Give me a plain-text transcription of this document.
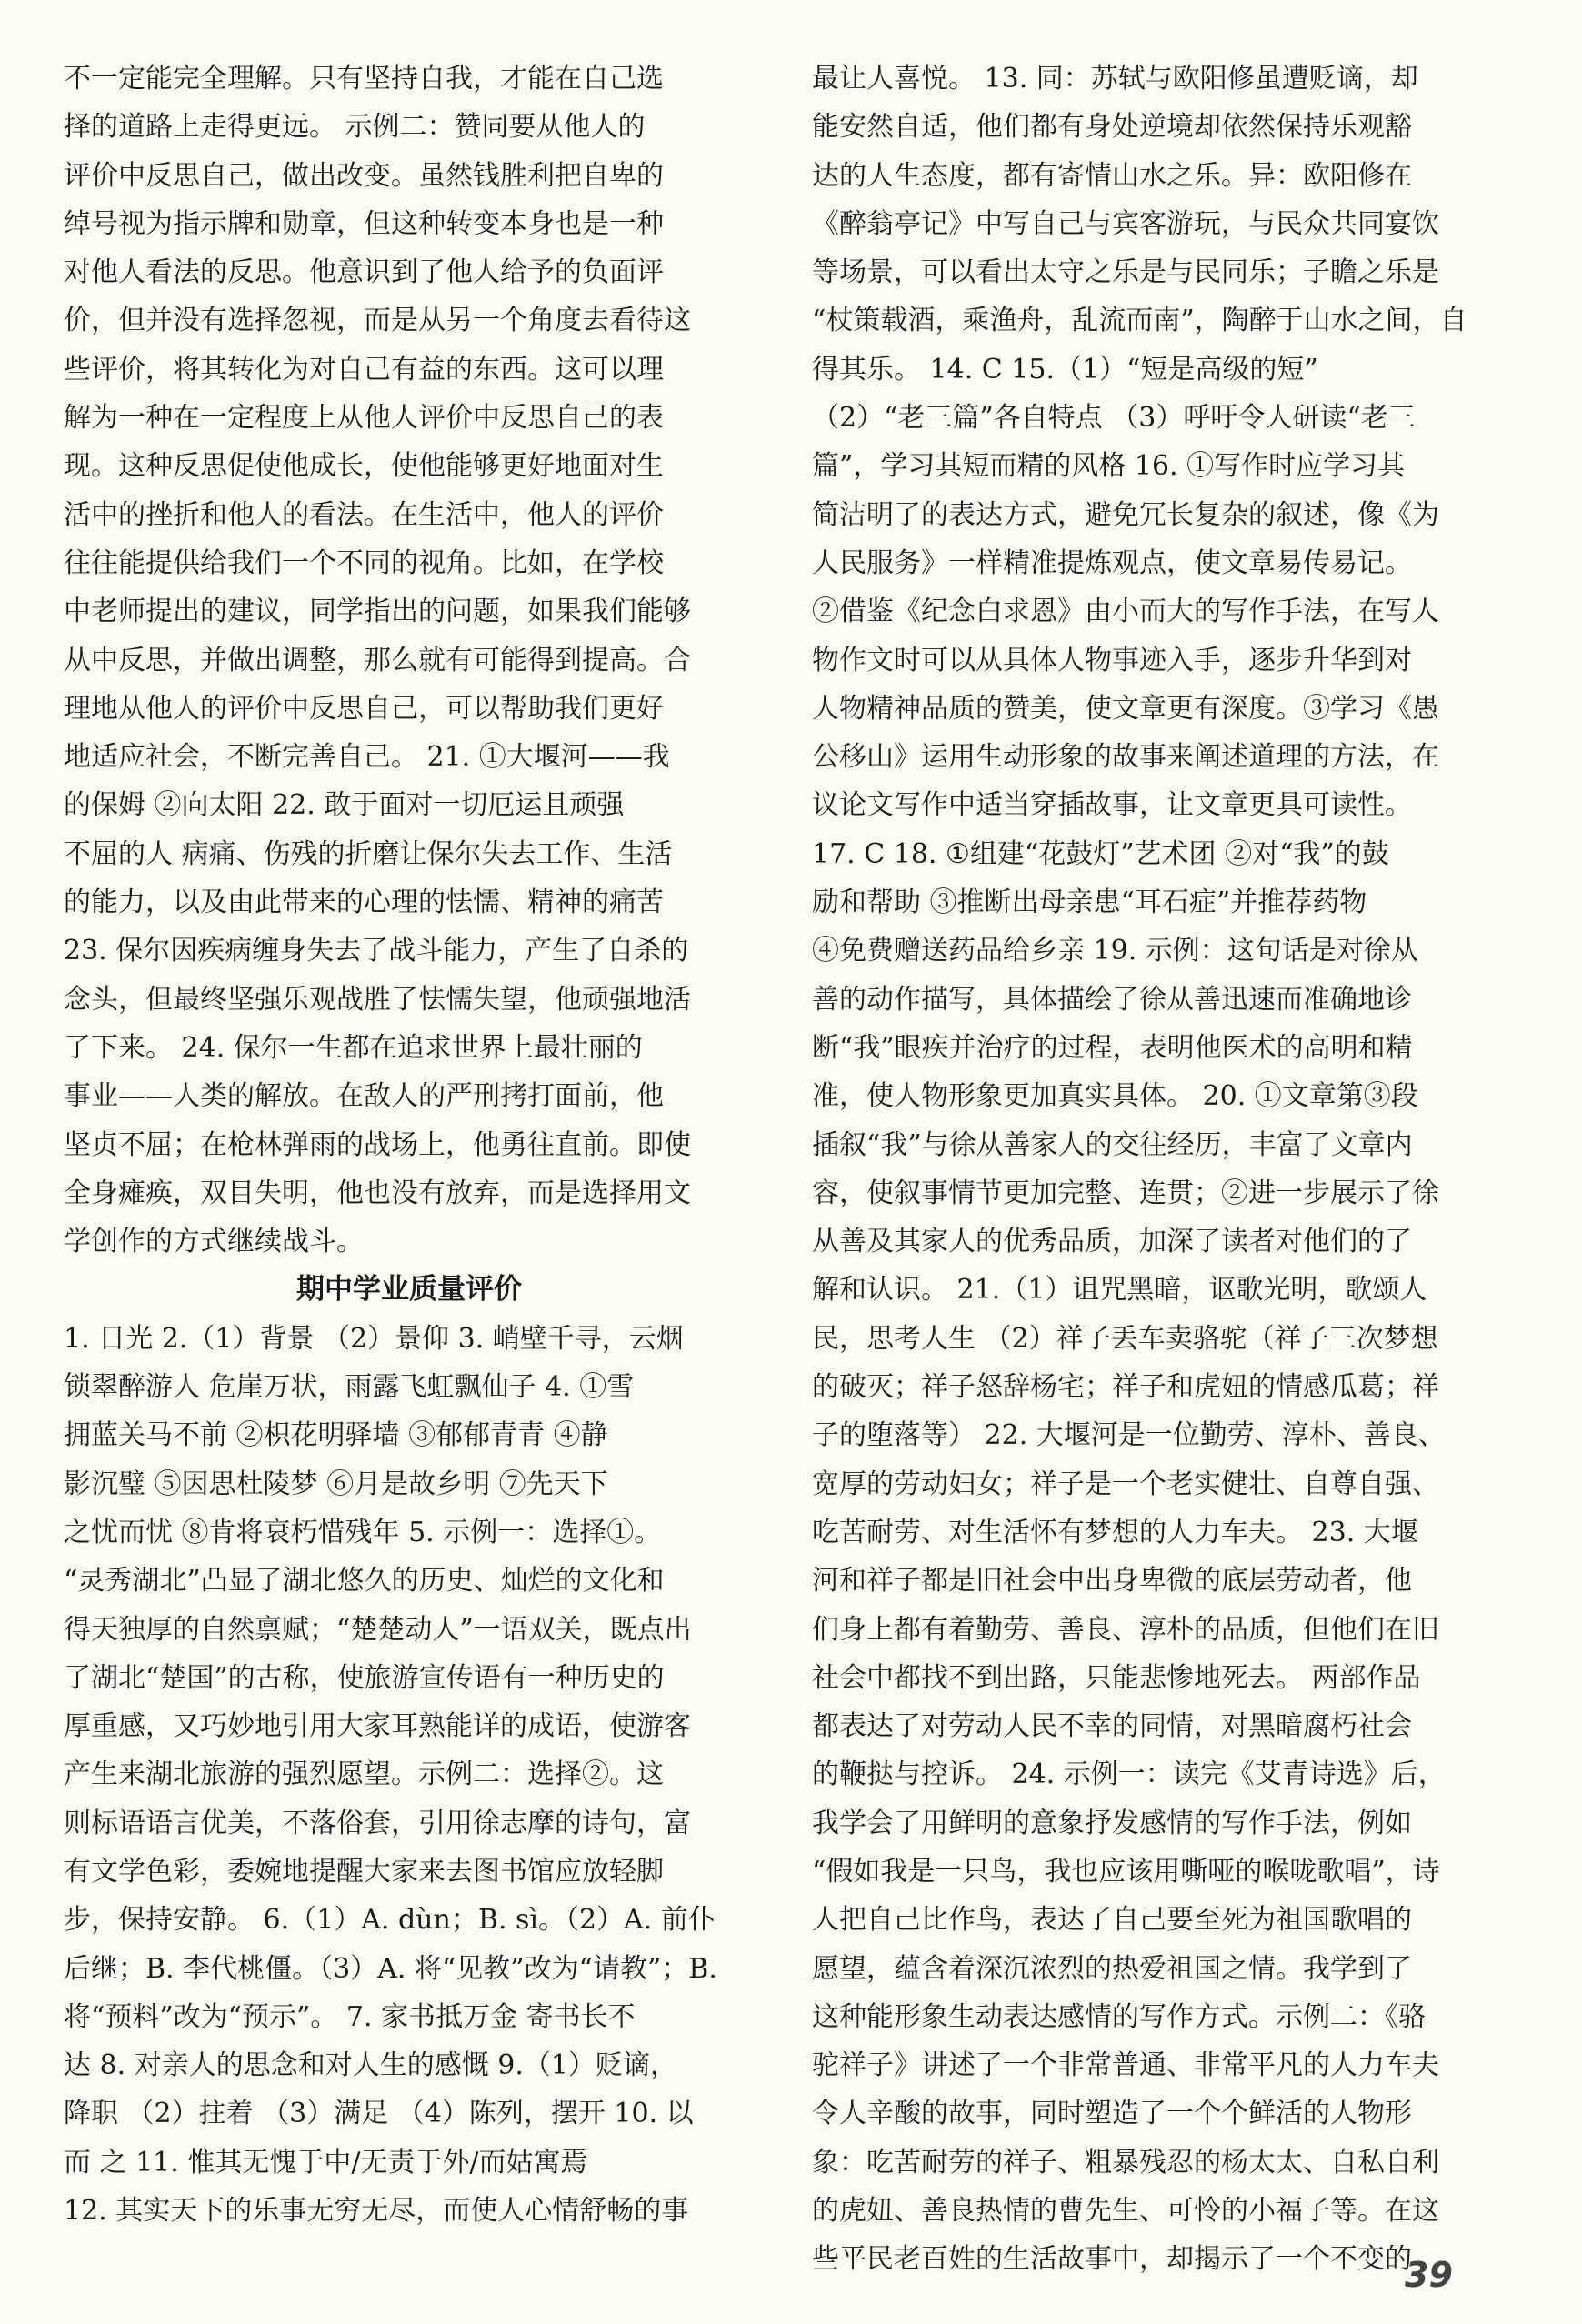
不一定能完全理解。只有坚持自我，才能在自己选
择的道路上走得更远。 示例二：赞同要从他人的
评价中反思自己，做出改变。虽然钱胜利把自卑的
绰号视为指示牌和勋章，但这种转变本身也是一种
对他人看法的反思。他意识到了他人给予的负面评
价，但并没有选择忽视，而是从另一个角度去看待这
些评价，将其转化为对自己有益的东西。这可以理
解为一种在一定程度上从他人评价中反思自己的表
现。这种反思促使他成长，使他能够更好地面对生
活中的挫折和他人的看法。在生活中，他人的评价
往往能提供给我们一个不同的视角。比如，在学校
中老师提出的建议，同学指出的问题，如果我们能够
从中反思，并做出调整，那么就有可能得到提高。合
理地从他人的评价中反思自己，可以帮助我们更好
地适应社会，不断完善自己。 21. ①大堰河——我
的保姆 ②向太阳 22. 敢于面对一切厄运且顽强
不屈的人 病痛、伤残的折磨让保尔失去工作、生活
的能力，以及由此带来的心理的怯懦、精神的痛苦
23. 保尔因疾病缠身失去了战斗能力，产生了自杀的
念头，但最终坚强乐观战胜了怯懦失望，他顽强地活
了下来。 24. 保尔一生都在追求世界上最壮丽的
事业——人类的解放。在敌人的严刑拷打面前，他
坚贞不屈；在枪林弹雨的战场上，他勇往直前。即使
全身瘫痪，双目失明，他也没有放弃，而是选择用文
学创作的方式继续战斗。
期中学业质量评价
1. 日光 2.（1）背景 （2）景仰 3. 峭壁千寻，云烟
锁翠醉游人 危崖万状，雨露飞虹飘仙子 4. ①雪
拥蓝关马不前 ②枳花明驿墙 ③郁郁青青 ④静
影沉璧 ⑤因思杜陵梦 ⑥月是故乡明 ⑦先天下
之忧而忧 ⑧肯将衰朽惜残年 5. 示例一：选择①。
“灵秀湖北”凸显了湖北悠久的历史、灿烂的文化和
得天独厚的自然禀赋；“楚楚动人”一语双关，既点出
了湖北“楚国”的古称，使旅游宣传语有一种历史的
厚重感，又巧妙地引用大家耳熟能详的成语，使游客
产生来湖北旅游的强烈愿望。示例二：选择②。这
则标语语言优美，不落俗套，引用徐志摩的诗句，富
有文学色彩，委婉地提醒大家来去图书馆应放轻脚
步，保持安静。 6.（1）A. dùn；B. sì。（2）A. 前仆
后继；B. 李代桃僵。（3）A. 将“见教”改为“请教”；B.
将“预料”改为“预示”。 7. 家书抵万金 寄书长不
达 8. 对亲人的思念和对人生的感慨 9.（1）贬谪，
降职 （2）拄着 （3）满足 （4）陈列，摆开 10. 以
而 之 11. 惟其无愧于中/无责于外/而姑寓焉
12. 其实天下的乐事无穷无尽，而使人心情舒畅的事
最让人喜悦。 13. 同：苏轼与欧阳修虽遭贬谪，却
能安然自适，他们都有身处逆境却依然保持乐观豁
达的人生态度，都有寄情山水之乐。异：欧阳修在
《醉翁亭记》中写自己与宾客游玩，与民众共同宴饮
等场景，可以看出太守之乐是与民同乐；子瞻之乐是
“杖策载酒，乘渔舟，乱流而南”，陶醉于山水之间，自
得其乐。 14. C 15.（1）“短是高级的短”
（2）“老三篇”各自特点 （3）呼吁令人研读“老三
篇”，学习其短而精的风格 16. ①写作时应学习其
简洁明了的表达方式，避免冗长复杂的叙述，像《为
人民服务》一样精准提炼观点，使文章易传易记。
②借鉴《纪念白求恩》由小而大的写作手法，在写人
物作文时可以从具体人物事迹入手，逐步升华到对
人物精神品质的赞美，使文章更有深度。③学习《愚
公移山》运用生动形象的故事来阐述道理的方法，在
议论文写作中适当穿插故事，让文章更具可读性。
17. C 18. ①组建“花鼓灯”艺术团 ②对“我”的鼓
励和帮助 ③推断出母亲患“耳石症”并推荐药物
④免费赠送药品给乡亲 19. 示例：这句话是对徐从
善的动作描写，具体描绘了徐从善迅速而准确地诊
断“我”眼疾并治疗的过程，表明他医术的高明和精
准，使人物形象更加真实具体。 20. ①文章第③段
插叙“我”与徐从善家人的交往经历，丰富了文章内
容，使叙事情节更加完整、连贯；②进一步展示了徐
从善及其家人的优秀品质，加深了读者对他们的了
解和认识。 21.（1）诅咒黑暗，讴歌光明，歌颂人
民，思考人生 （2）祥子丢车卖骆驼（祥子三次梦想
的破灭；祥子怒辞杨宅；祥子和虎妞的情感瓜葛；祥
子的堕落等） 22. 大堰河是一位勤劳、淳朴、善良、
宽厚的劳动妇女；祥子是一个老实健壮、自尊自强、
吃苦耐劳、对生活怀有梦想的人力车夫。 23. 大堰
河和祥子都是旧社会中出身卑微的底层劳动者，他
们身上都有着勤劳、善良、淳朴的品质，但他们在旧
社会中都找不到出路，只能悲惨地死去。 两部作品
都表达了对劳动人民不幸的同情，对黑暗腐朽社会
的鞭挞与控诉。 24. 示例一：读完《艾青诗选》后，
我学会了用鲜明的意象抒发感情的写作手法，例如
“假如我是一只鸟，我也应该用嘶哑的喉咙歌唱”，诗
人把自己比作鸟，表达了自己要至死为祖国歌唱的
愿望，蕴含着深沉浓烈的热爱祖国之情。我学到了
这种能形象生动表达感情的写作方式。示例二：《骆
驼祥子》讲述了一个非常普通、非常平凡的人力车夫
令人辛酸的故事，同时塑造了一个个鲜活的人物形
象：吃苦耐劳的祥子、粗暴残忍的杨太太、自私自利
的虎妞、善良热情的曹先生、可怜的小福子等。在这
些平民老百姓的生活故事中，却揭示了一个不变的
39
